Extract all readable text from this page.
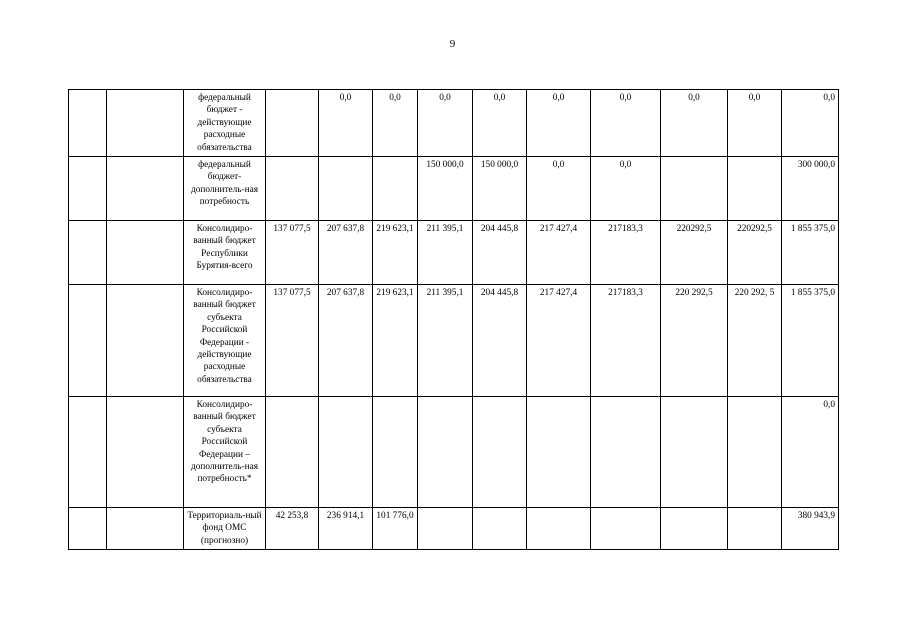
9
		федеральный бюджет - действующие расходные обязательства		0,0	0,0	0,0	0,0	0,0	0,0	0,0	0,0	0,0
		федеральный бюджет-дополнитель-ная потребность				150 000,0	150 000,0	0,0	0,0			300 000,0
		Консолидиро-ванный бюджет Республики Бурятия-всего	137 077,5	207 637,8	219 623,1	211 395,1	204 445,8	217 427,4	217183,3	220292,5	220292,5	1 855 375,0
		Консолидиро-ванный бюджет субъекта Российской Федерации - действующие расходные обязательства	137 077,5	207 637,8	219 623,1	211 395,1	204 445,8	217 427,4	217183,3	220 292,5	220 292, 5	1 855 375,0
		Консолидиро-ванный бюджет субъекта Российской Федерации – дополнитель-ная потребность*										0,0
		Территориаль-ный фонд ОМС (прогнозно)	42 253,8	236 914,1	101 776,0							380 943,9
